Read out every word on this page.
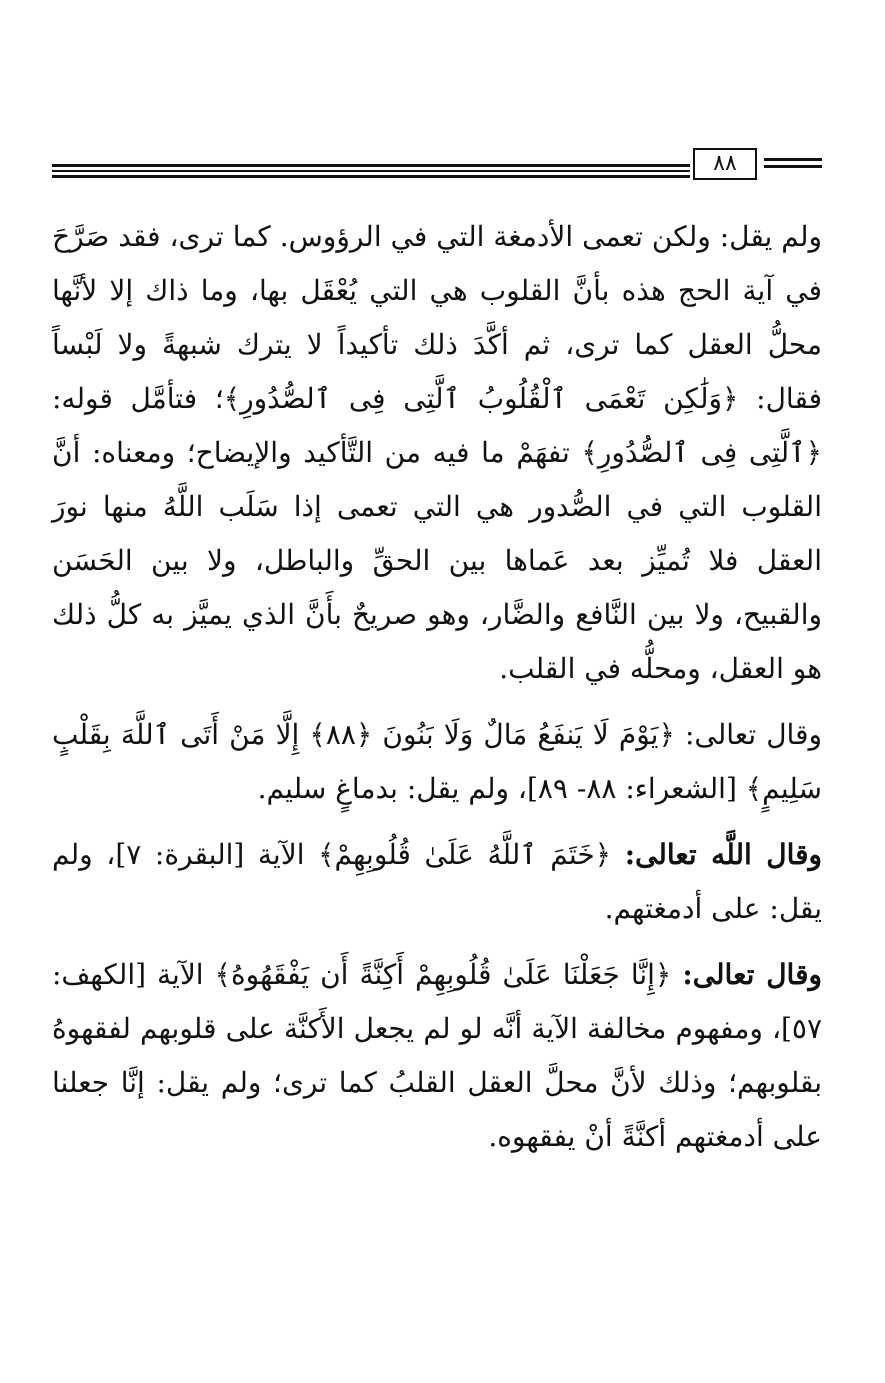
٨٨

ولم يقل: ولكن تعمى الأدمغة التي في الرؤوس. كما ترى، فقد صَرَّحَ في آية الحج هذه بأنَّ القلوب هي التي يُعْقَل بها، وما ذاك إلا لأنَّها محلُّ العقل كما ترى، ثم أكَّدَ ذلك تأكيداً لا يترك شبهةً ولا لَبْساً فقال: ﴿وَلَٰكِن تَعْمَى ٱلْقُلُوبُ ٱلَّتِى فِى ٱلصُّدُورِ﴾؛ فتأمَّل قوله: ﴿ٱلَّتِى فِى ٱلصُّدُورِ﴾ تفهَمْ ما فيه من التَّأكيد والإيضاح؛ ومعناه: أنَّ القلوب التي في الصُّدور هي التي تعمى إذا سَلَب اللَّهُ منها نورَ العقل فلا تُميِّز بعد عَماها بين الحقِّ والباطل، ولا بين الحَسَن والقبيح، ولا بين النَّافع والضَّار، وهو صريحٌ بأَنَّ الذي يميَّز به كلُّ ذلك هو العقل، ومحلُّه في القلب.

وقال تعالى: ﴿يَوْمَ لَا يَنفَعُ مَالٌ وَلَا بَنُونَ ﴿٨٨﴾ إِلَّا مَنْ أَتَى ٱللَّهَ بِقَلْبٍ سَلِيمٍ﴾ [الشعراء: ٨٨- ٨٩]، ولم يقل: بدماغٍ سليم.

وقال اللَّه تعالى: ﴿خَتَمَ ٱللَّهُ عَلَىٰ قُلُوبِهِمْ﴾ الآية [البقرة: ٧]، ولم يقل: على أدمغتهم.

وقال تعالى: ﴿إِنَّا جَعَلْنَا عَلَىٰ قُلُوبِهِمْ أَكِنَّةً أَن يَفْقَهُوهُ﴾ الآية [الكهف: ٥٧]، ومفهوم مخالفة الآية أنَّه لو لم يجعل الأَكنَّة على قلوبهم لفقهوهُ بقلوبهم؛ وذلك لأنَّ محلَّ العقل القلبُ كما ترى؛ ولم يقل: إنَّا جعلنا على أدمغتهم أكنَّةً أنْ يفقهوه.
